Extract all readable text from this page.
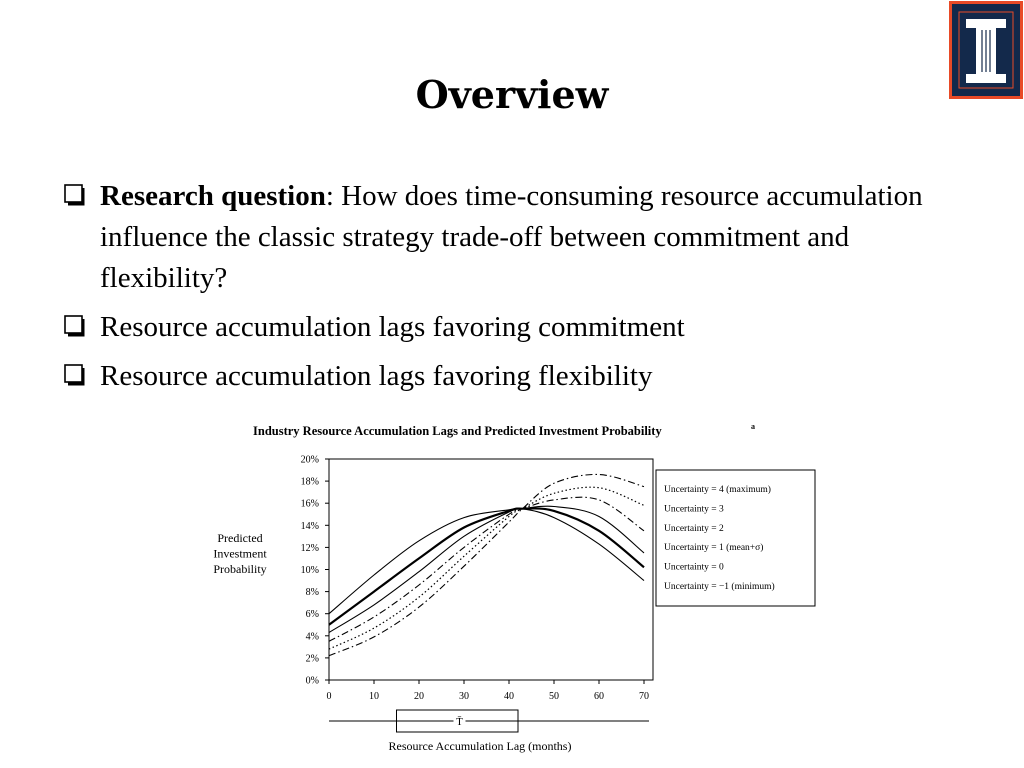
Overview
Research question: How does time-consuming resource accumulation influence the classic strategy trade-off between commitment and flexibility?
Resource accumulation lags favoring commitment
Resource accumulation lags favoring flexibility
Industry Resource Accumulation Lags and Predicted Investment Probability	a
Predicted Investment Probability
0%
2%
4%
6%
8%
10%
12%
14%
16%
18%
20%
0	10	20	30	40	50	60	70
Uncertainty = 4 (maximum)
Uncertainty = 3
Uncertainty = 2
Uncertainty = 1 (mean+σ)
Uncertainty = 0
Uncertainty = −1 (minimum)
T̄
Resource Accumulation Lag (months)
